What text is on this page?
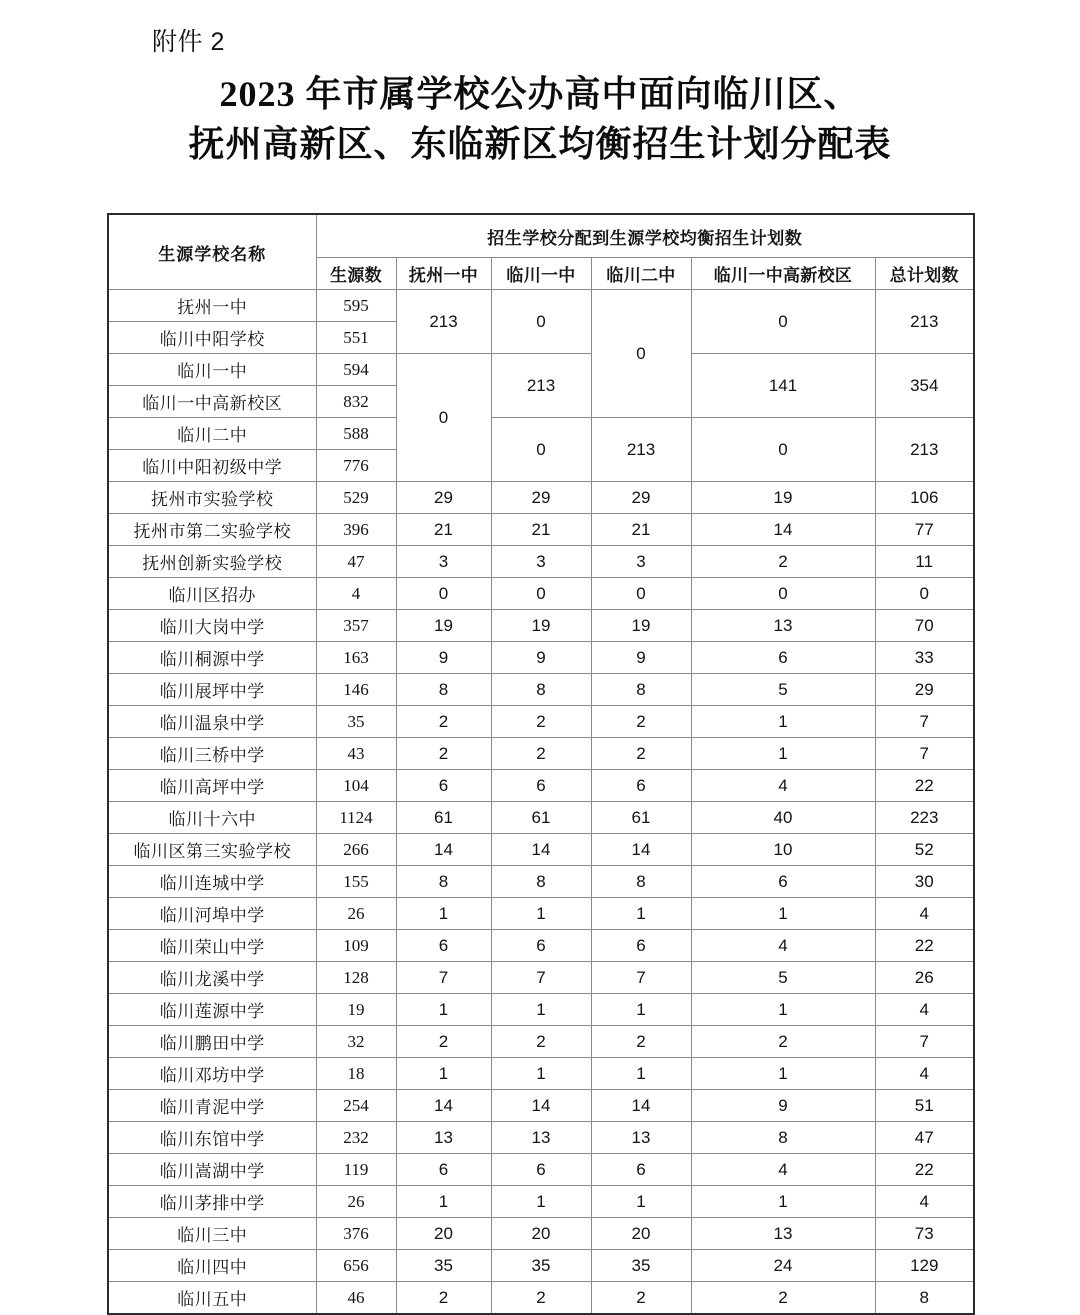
附件 2
2023 年市属学校公办高中面向临川区、
抚州高新区、东临新区均衡招生计划分配表
生源学校名称	招生学校分配到生源学校均衡招生计划数					
	生源数	抚州一中	临川一中	临川二中	临川一中高新校区	总计划数
抚州一中	595	213	0	0	0	213
临川中阳学校	551					
临川一中	594	0	213		141	354
临川一中高新校区	832					
临川二中	588		0	213	0	213
临川中阳初级中学	776					
抚州市实验学校	529	29	29	29	19	106
抚州市第二实验学校	396	21	21	21	14	77
抚州创新实验学校	47	3	3	3	2	11
临川区招办	4	0	0	0	0	0
临川大岗中学	357	19	19	19	13	70
临川桐源中学	163	9	9	9	6	33
临川展坪中学	146	8	8	8	5	29
临川温泉中学	35	2	2	2	1	7
临川三桥中学	43	2	2	2	1	7
临川高坪中学	104	6	6	6	4	22
临川十六中	1124	61	61	61	40	223
临川区第三实验学校	266	14	14	14	10	52
临川连城中学	155	8	8	8	6	30
临川河埠中学	26	1	1	1	1	4
临川荣山中学	109	6	6	6	4	22
临川龙溪中学	128	7	7	7	5	26
临川莲源中学	19	1	1	1	1	4
临川鹏田中学	32	2	2	2	2	7
临川邓坊中学	18	1	1	1	1	4
临川青泥中学	254	14	14	14	9	51
临川东馆中学	232	13	13	13	8	47
临川嵩湖中学	119	6	6	6	4	22
临川茅排中学	26	1	1	1	1	4
临川三中	376	20	20	20	13	73
临川四中	656	35	35	35	24	129
临川五中	46	2	2	2	2	8
